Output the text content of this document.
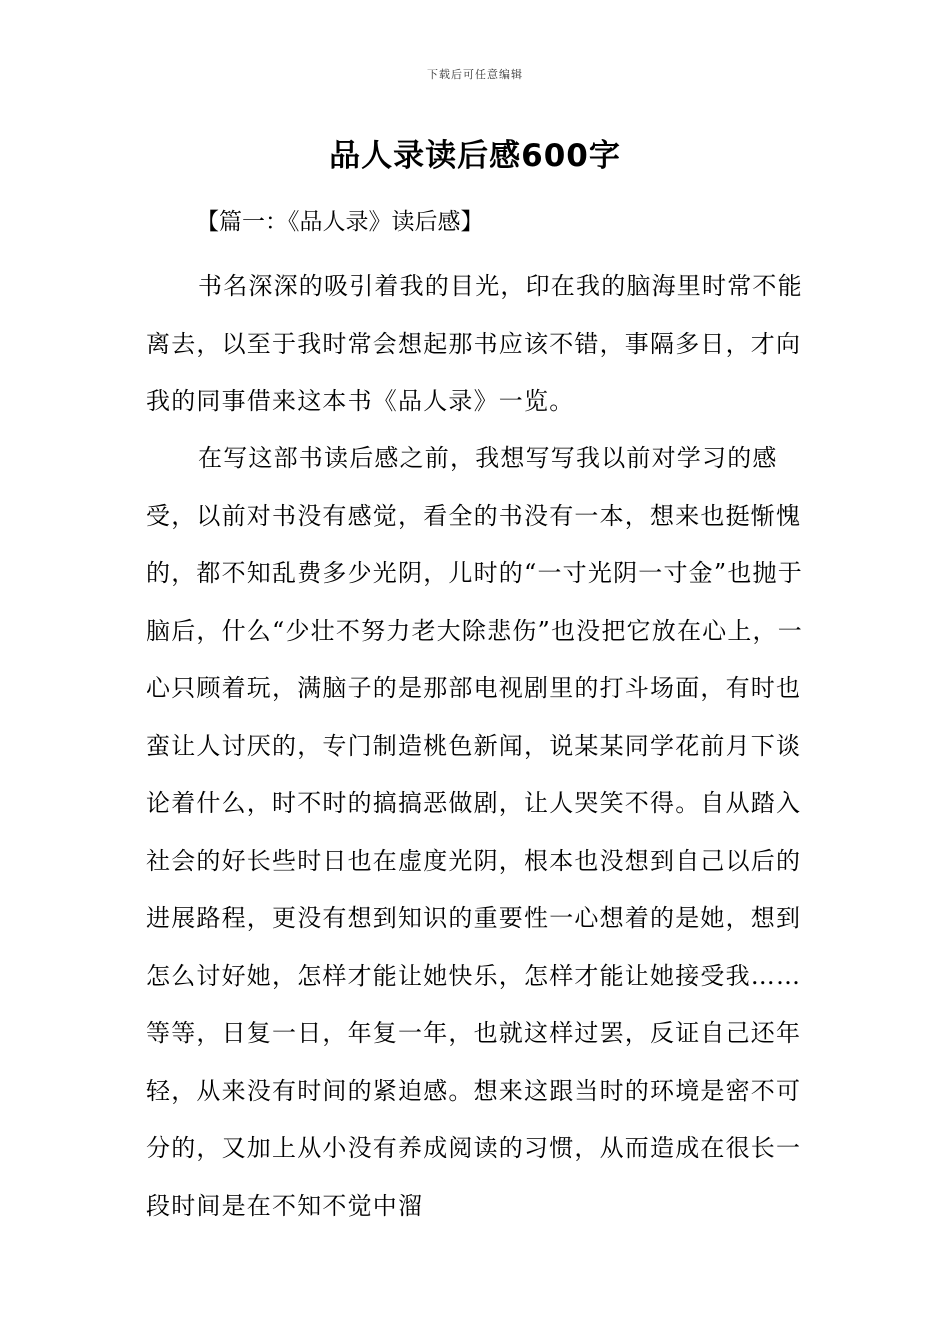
下载后可任意编辑
品人录读后感600字
【篇一：《品人录》读后感】

书名深深的吸引着我的目光，印在我的脑海里时常不能离去，以至于我时常会想起那书应该不错，事隔多日，才向我的同事借来这本书《品人录》一览。

在写这部书读后感之前，我想写写我以前对学习的感受，以前对书没有感觉，看全的书没有一本，想来也挺惭愧的，都不知乱费多少光阴，儿时的“一寸光阴一寸金”也抛于脑后，什么“少壮不努力老大除悲伤”也没把它放在心上，一心只顾着玩，满脑子的是那部电视剧里的打斗场面，有时也蛮让人讨厌的，专门制造桃色新闻，说某某同学花前月下谈论着什么，时不时的搞搞恶做剧，让人哭笑不得。自从踏入社会的好长些时日也在虚度光阴，根本也没想到自己以后的进展路程，更没有想到知识的重要性一心想着的是她，想到怎么讨好她，怎样才能让她快乐，怎样才能让她接受我……等等，日复一日，年复一年，也就这样过罢，反证自己还年轻，从来没有时间的紧迫感。想来这跟当时的环境是密不可分的，又加上从小没有养成阅读的习惯，从而造成在很长一段时间是在不知不觉中溜
